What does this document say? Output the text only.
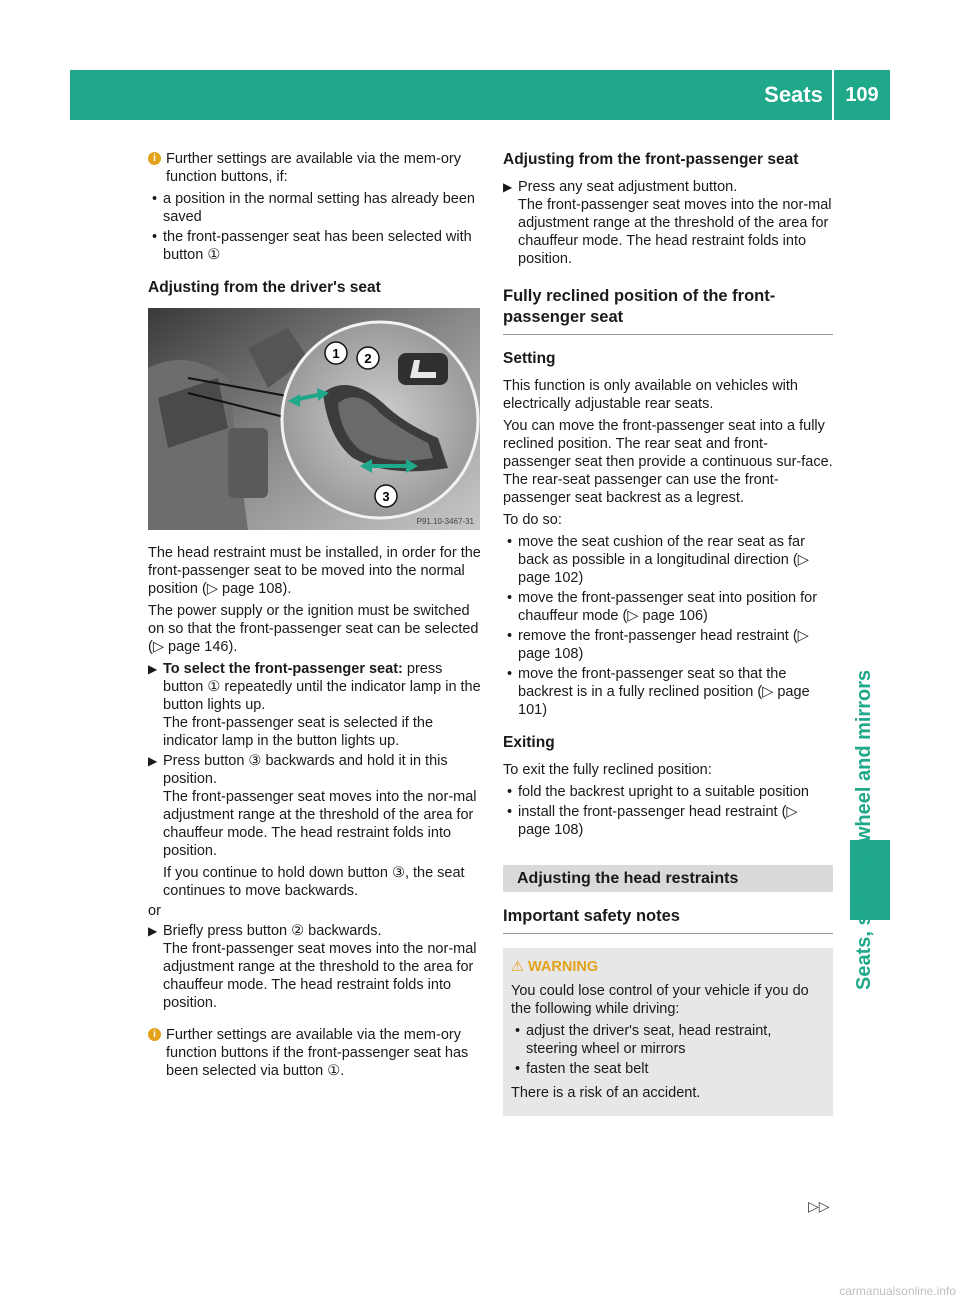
Seats	109
Seats, steering wheel and mirrors
i Further settings are available via the mem-ory function buttons, if:

• a position in the normal setting has already been saved
• the front-passenger seat has been selected with button ①
Adjusting from the driver's seat
2
1
3
P91.10-3467-31

The head restraint must be installed, in order for the front-passenger seat to be moved into the normal position (▷ page 108).

The power supply or the ignition must be switched on so that the front-passenger seat can be selected (▷ page 146).

▶ To select the front-passenger seat: press button ① repeatedly until the indicator lamp in the button lights up.
The front-passenger seat is selected if the indicator lamp in the button lights up.
▶ Press button ③ backwards and hold it in this position.
The front-passenger seat moves into the nor-mal adjustment range at the threshold of the area for chauffeur mode. The head restraint folds into position.
If you continue to hold down button ③, the seat continues to move backwards.
or
▶ Briefly press button ② backwards.
The front-passenger seat moves into the nor-mal adjustment range at the threshold to the area for chauffeur mode. The head restraint folds into position.
i Further settings are available via the mem-ory function buttons if the front-passenger seat has been selected via button ①.

Adjusting from the front-passenger seat
▶ Press any seat adjustment button.
The front-passenger seat moves into the nor-mal adjustment range at the threshold of the area for chauffeur mode. The head restraint folds into position.
Fully reclined position of the front-passenger seat
Setting

This function is only available on vehicles with electrically adjustable rear seats.

You can move the front-passenger seat into a fully reclined position. The rear seat and front-passenger seat then provide a continuous sur-face. The rear-seat passenger can use the front-passenger seat backrest as a legrest.

To do so:

• move the seat cushion of the rear seat as far back as possible in a longitudinal direction (▷ page 102)
• move the front-passenger seat into position for chauffeur mode (▷ page 106)
• remove the front-passenger head restraint (▷ page 108)
• move the front-passenger seat so that the backrest is in a fully reclined position (▷ page 101)
Exiting

To exit the fully reclined position:

• fold the backrest upright to a suitable position
• install the front-passenger head restraint (▷ page 108)
Adjusting the head restraints
Important safety notes
⚠ WARNING

You could lose control of your vehicle if you do the following while driving:

• adjust the driver's seat, head restraint, steering wheel or mirrors
• fasten the seat belt

There is a risk of an accident.

▷▷
carmanualsonline.info
